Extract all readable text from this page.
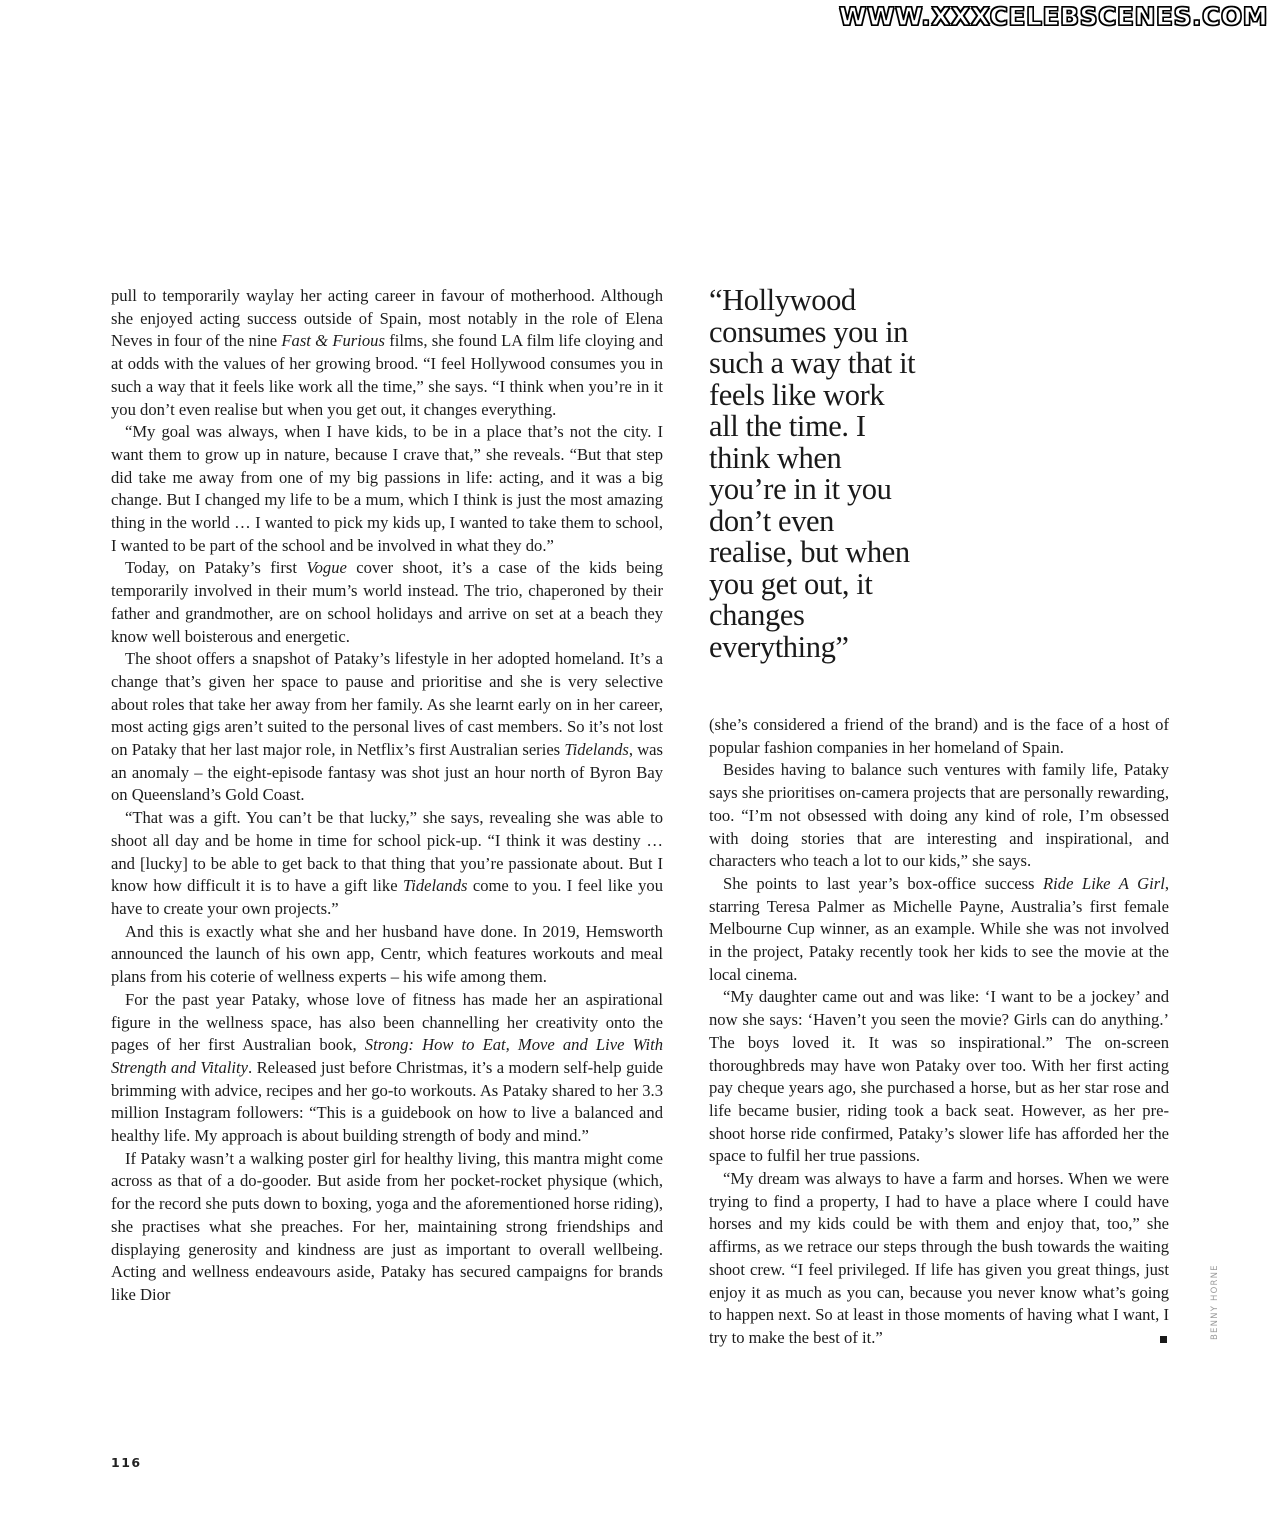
WWW.XXXCELEBSCENES.COM

pull to temporarily waylay her acting career in favour of motherhood. Although she enjoyed acting success outside of Spain, most notably in the role of Elena Neves in four of the nine Fast & Furious films, she found LA film life cloying and at odds with the values of her growing brood. “I feel Hollywood consumes you in such a way that it feels like work all the time,” she says. “I think when you’re in it you don’t even realise but when you get out, it changes everything.

“My goal was always, when I have kids, to be in a place that’s not the city. I want them to grow up in nature, because I crave that,” she reveals. “But that step did take me away from one of my big passions in life: acting, and it was a big change. But I changed my life to be a mum, which I think is just the most amazing thing in the world … I wanted to pick my kids up, I wanted to take them to school, I wanted to be part of the school and be involved in what they do.”

Today, on Pataky’s first Vogue cover shoot, it’s a case of the kids being temporarily involved in their mum’s world instead. The trio, chaperoned by their father and grandmother, are on school holidays and arrive on set at a beach they know well boisterous and energetic.

The shoot offers a snapshot of Pataky’s lifestyle in her adopted homeland. It’s a change that’s given her space to pause and prioritise and she is very selective about roles that take her away from her family. As she learnt early on in her career, most acting gigs aren’t suited to the personal lives of cast members. So it’s not lost on Pataky that her last major role, in Netflix’s first Australian series Tidelands, was an anomaly – the eight-episode fantasy was shot just an hour north of Byron Bay on Queensland’s Gold Coast.

“That was a gift. You can’t be that lucky,” she says, revealing she was able to shoot all day and be home in time for school pick-up. “I think it was destiny … and [lucky] to be able to get back to that thing that you’re passionate about. But I know how difficult it is to have a gift like Tidelands come to you. I feel like you have to create your own projects.”

And this is exactly what she and her husband have done. In 2019, Hemsworth announced the launch of his own app, Centr, which features workouts and meal plans from his coterie of wellness experts – his wife among them.

For the past year Pataky, whose love of fitness has made her an aspirational figure in the wellness space, has also been channelling her creativity onto the pages of her first Australian book, Strong: How to Eat, Move and Live With Strength and Vitality. Released just before Christmas, it’s a modern self-help guide brimming with advice, recipes and her go-to workouts. As Pataky shared to her 3.3 million Instagram followers: “This is a guidebook on how to live a balanced and healthy life. My approach is about building strength of body and mind.”

If Pataky wasn’t a walking poster girl for healthy living, this mantra might come across as that of a do-gooder. But aside from her pocket-rocket physique (which, for the record she puts down to boxing, yoga and the aforementioned horse riding), she practises what she preaches. For her, maintaining strong friendships and displaying generosity and kindness are just as important to overall wellbeing. Acting and wellness endeavours aside, Pataky has secured campaigns for brands like Dior

“Hollywood consumes you in such a way that it feels like work all the time. I think when you’re in it you don’t even realise, but when you get out, it changes everything”

(she’s considered a friend of the brand) and is the face of a host of popular fashion companies in her homeland of Spain.

Besides having to balance such ventures with family life, Pataky says she prioritises on-camera projects that are personally rewarding, too. “I’m not obsessed with doing any kind of role, I’m obsessed with doing stories that are interesting and inspirational, and characters who teach a lot to our kids,” she says.

She points to last year’s box-office success Ride Like A Girl, starring Teresa Palmer as Michelle Payne, Australia’s first female Melbourne Cup winner, as an example. While she was not involved in the project, Pataky recently took her kids to see the movie at the local cinema.

“My daughter came out and was like: ‘I want to be a jockey’ and now she says: ‘Haven’t you seen the movie? Girls can do anything.’ The boys loved it. It was so inspirational.” The on-screen thoroughbreds may have won Pataky over too. With her first acting pay cheque years ago, she purchased a horse, but as her star rose and life became busier, riding took a back seat. However, as her pre-shoot horse ride confirmed, Pataky’s slower life has afforded her the space to fulfil her true passions.

“My dream was always to have a farm and horses. When we were trying to find a property, I had to have a place where I could have horses and my kids could be with them and enjoy that, too,” she affirms, as we retrace our steps through the bush towards the waiting shoot crew. “I feel privileged. If life has given you great things, just enjoy it as much as you can, because you never know what’s going to happen next. So at least in those moments of having what I want, I try to make the best of it.”	BENNY HORNE
116
